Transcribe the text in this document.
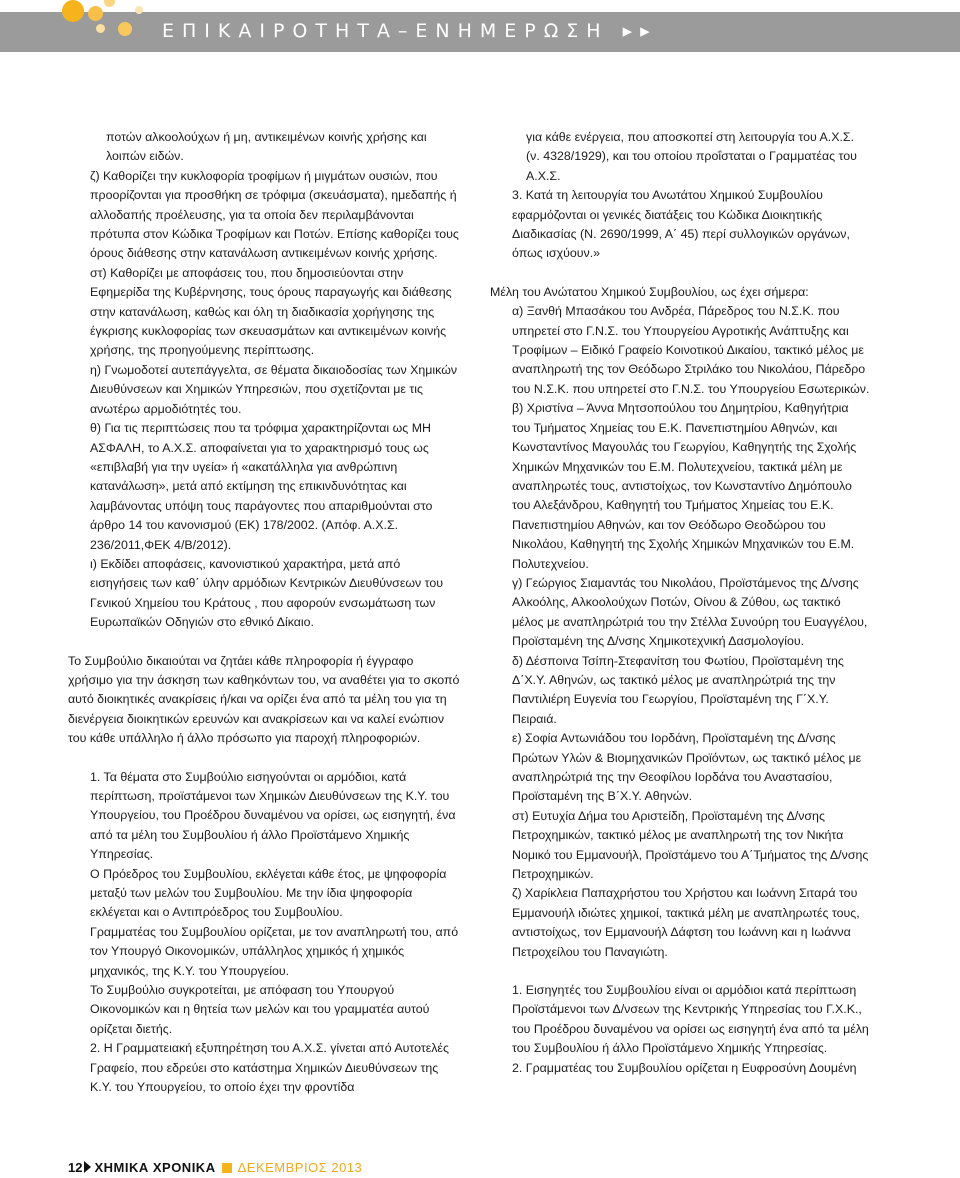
ΕΠΙΚΑΙΡΟΤΗΤΑ–ΕΝΗΜΕΡΩΣΗ ▸▸

ποτών αλκοολούχων ή μη, αντικειμένων κοινής χρήσης και λοιπών ειδών.

ζ) Καθορίζει την κυκλοφορία τροφίμων ή μιγμάτων ουσιών, που προορίζονται για προσθήκη σε τρόφιμα (σκευάσματα), ημεδαπής ή αλλοδαπής προέλευσης, για τα οποία δεν περιλαμβάνονται πρότυπα στον Κώδικα Τροφίμων και Ποτών. Επίσης καθορίζει τους όρους διάθεσης στην κατανάλωση αντικειμένων κοινής χρήσης.

στ) Καθορίζει με αποφάσεις του, που δημοσιεύονται στην Εφημερίδα της Κυβέρνησης, τους όρους παραγωγής και διάθεσης στην κατανάλωση, καθώς και όλη τη διαδικασία χορήγησης της έγκρισης κυκλοφορίας των σκευασμάτων και αντικειμένων κοινής χρήσης, της προηγούμενης περίπτωσης.

η) Γνωμοδοτεί αυτεπάγγελτα, σε θέματα δικαιοδοσίας των Χημικών Διευθύνσεων και Χημικών Υπηρεσιών, που σχετίζονται με τις ανωτέρω αρμοδιότητές του.

θ) Για τις περιπτώσεις που τα τρόφιμα χαρακτηρίζονται ως ΜΗ ΑΣΦΑΛΗ, το Α.Χ.Σ. αποφαίνεται για το χαρακτηρισμό τους ως «επιβλαβή για την υγεία» ή «ακατάλληλα για ανθρώπινη κατανάλωση», μετά από εκτίμηση της επικινδυνότητας και λαμβάνοντας υπόψη τους παράγοντες που απαριθμούνται στο άρθρο 14 του κανονισμού (ΕΚ) 178/2002. (Απόφ. Α.Χ.Σ. 236/2011,ΦΕΚ 4/Β/2012).

ι) Εκδίδει αποφάσεις, κανονιστικού χαρακτήρα, μετά από εισηγήσεις των καθ΄ ύλην αρμόδιων Κεντρικών Διευθύνσεων του Γενικού Χημείου του Κράτους , που αφορούν ενσωμάτωση των Ευρωπαϊκών Οδηγιών στο εθνικό Δίκαιο.

Το Συμβούλιο δικαιούται να ζητάει κάθε πληροφορία ή έγγραφο χρήσιμο για την άσκηση των καθηκόντων του, να αναθέτει για το σκοπό αυτό διοικητικές ανακρίσεις ή/και να ορίζει ένα από τα μέλη του για τη διενέργεια διοικητικών ερευνών και ανακρίσεων και να καλεί ενώπιον του κάθε υπάλληλο ή άλλο πρόσωπο για παροχή πληροφοριών.

1. Τα θέματα στο Συμβούλιο εισηγούνται οι αρμόδιοι, κατά περίπτωση, προϊστάμενοι των Χημικών Διευθύνσεων της Κ.Υ. του Υπουργείου, του Προέδρου δυναμένου να ορίσει, ως εισηγητή, ένα από τα μέλη του Συμβουλίου ή άλλο Προϊστάμενο Χημικής Υπηρεσίας.

Ο Πρόεδρος του Συμβουλίου, εκλέγεται κάθε έτος, με ψηφοφορία μεταξύ των μελών του Συμβουλίου. Με την ίδια ψηφοφορία εκλέγεται και ο Αντιπρόεδρος του Συμβουλίου.

Γραμματέας του Συμβουλίου ορίζεται, με τον αναπληρωτή του, από τον Υπουργό Οικονομικών, υπάλληλος χημικός ή χημικός μηχανικός, της Κ.Υ. του Υπουργείου.

Το Συμβούλιο συγκροτείται, με απόφαση του Υπουργού Οικονομικών και η θητεία των μελών και του γραμματέα αυτού ορίζεται διετής.

2. Η Γραμματειακή εξυπηρέτηση του Α.Χ.Σ. γίνεται από Αυτοτελές Γραφείο, που εδρεύει στο κατάστημα Χημικών Διευθύνσεων της Κ.Υ. του Υπουργείου, το οποίο έχει την φροντίδα

για κάθε ενέργεια, που αποσκοπεί στη λειτουργία του Α.Χ.Σ. (ν. 4328/1929), και του οποίου προΐσταται ο Γραμματέας του Α.Χ.Σ.

3. Κατά τη λειτουργία του Ανωτάτου Χημικού Συμβουλίου εφαρμόζονται οι γενικές διατάξεις του Κώδικα Διοικητικής Διαδικασίας (Ν. 2690/1999, Α΄ 45) περί συλλογικών οργάνων, όπως ισχύουν.»

Μέλη του Ανώτατου Χημικού Συμβουλίου, ως έχει σήμερα:

α) Ξανθή Μπασάκου του Ανδρέα, Πάρεδρος του Ν.Σ.Κ. που υπηρετεί στο Γ.Ν.Σ. του Υπουργείου Αγροτικής Ανάπτυξης και Τροφίμων – Ειδικό Γραφείο Κοινοτικού Δικαίου, τακτικό μέλος με αναπληρωτή της τον Θεόδωρο Στριλάκο του Νικολάου, Πάρεδρο του Ν.Σ.Κ. που υπηρετεί στο Γ.Ν.Σ. του Υπουργείου Εσωτερικών.

β) Χριστίνα – Άννα Μητσοπούλου του Δημητρίου, Καθηγήτρια του Τμήματος Χημείας του Ε.Κ. Πανεπιστημίου Αθηνών, και Κωνσταντίνος Μαγουλάς του Γεωργίου, Καθηγητής της Σχολής Χημικών Μηχανικών του Ε.Μ. Πολυτεχνείου, τακτικά μέλη με αναπληρωτές τους, αντιστοίχως, τον Κωνσταντίνο Δημόπουλο του Αλεξάνδρου, Καθηγητή του Τμήματος Χημείας του Ε.Κ. Πανεπιστημίου Αθηνών, και τον Θεόδωρο Θεοδώρου του Νικολάου, Καθηγητή της Σχολής Χημικών Μηχανικών του Ε.Μ. Πολυτεχνείου.

γ) Γεώργιος Σιαμαντάς του Νικολάου, Προϊστάμενος της Δ/νσης Αλκοόλης, Αλκοολούχων Ποτών, Οίνου & Ζύθου, ως τακτικό μέλος με αναπληρώτριά του την Στέλλα Συνούρη του Ευαγγέλου, Προϊσταμένη της Δ/νσης Χημικοτεχνική Δασμολογίου.

δ) Δέσποινα Τσίπη-Στεφανίτση του Φωτίου, Προϊσταμένη της Δ΄Χ.Υ. Αθηνών, ως τακτικό μέλος με αναπληρώτριά της την Παντιλιέρη Ευγενία του Γεωργίου, Προϊσταμένη της Γ΄Χ.Υ. Πειραιά.

ε) Σοφία Αντωνιάδου του Ιορδάνη, Προϊσταμένη της Δ/νσης Πρώτων Υλών & Βιομηχανικών Προϊόντων, ως τακτικό μέλος με αναπληρώτριά της την Θεοφίλου Ιορδάνα του Αναστασίου, Προϊσταμένη της Β΄Χ.Υ. Αθηνών.

στ) Ευτυχία Δήμα του Αριστείδη, Προϊσταμένη της Δ/νσης Πετροχημικών, τακτικό μέλος με αναπληρωτή της τον Νικήτα Νομικό του Εμμανουήλ, Προϊστάμενο του Α΄Τμήματος της Δ/νσης Πετροχημικών.

ζ) Χαρίκλεια Παπαχρήστου του Χρήστου και Ιωάννη Σιταρά του Εμμανουήλ ιδιώτες χημικοί, τακτικά μέλη με αναπληρωτές τους, αντιστοίχως, τον Εμμανουήλ Δάφτση του Ιωάννη και η Ιωάννα Πετροχείλου του Παναγιώτη.

1. Εισηγητές του Συμβουλίου είναι οι αρμόδιοι κατά περίπτωση Προϊστάμενοι των Δ/νσεων της Κεντρικής Υπηρεσίας του Γ.Χ.Κ., του Προέδρου δυναμένου να ορίσει ως εισηγητή ένα από τα μέλη του Συμβουλίου ή άλλο Προϊστάμενο Χημικής Υπηρεσίας.

2. Γραμματέας του Συμβουλίου ορίζεται η Ευφροσύνη Δουμένη

12 ΧΗΜΙΚΑ ΧΡΟΝΙΚΑ ΔΕΚΕΜΒΡΙΟΣ 2013
